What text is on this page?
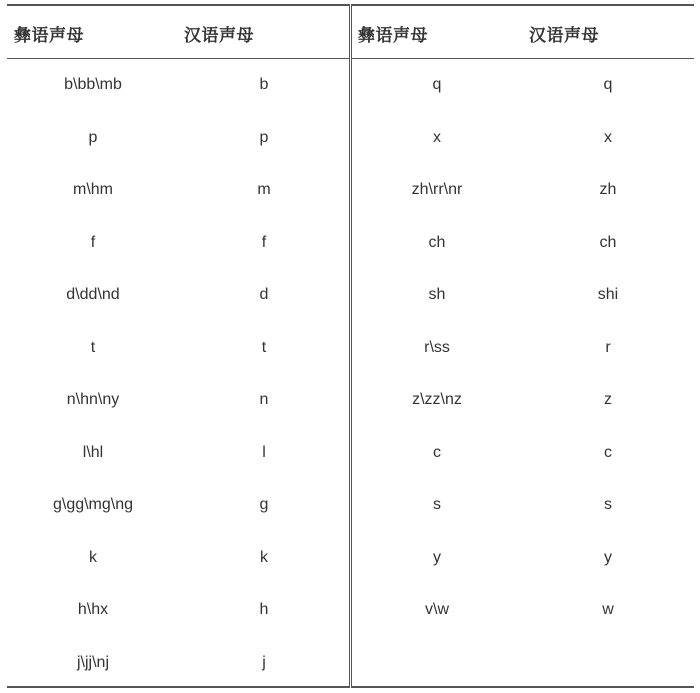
彝语声母	汉语声母
b\bb\mb	b
p	p
m\hm	m
f	f
d\dd\nd	d
t	t
n\hn\ny	n
l\hl	l
g\gg\mg\ng	g
k	k
h\hx	h
j\jj\nj	j
彝语声母	汉语声母
q	q
x	x
zh\rr\nr	zh
ch	ch
sh	shi
r\ss	r
z\zz\nz	z
c	c
s	s
y	y
v\w	w
